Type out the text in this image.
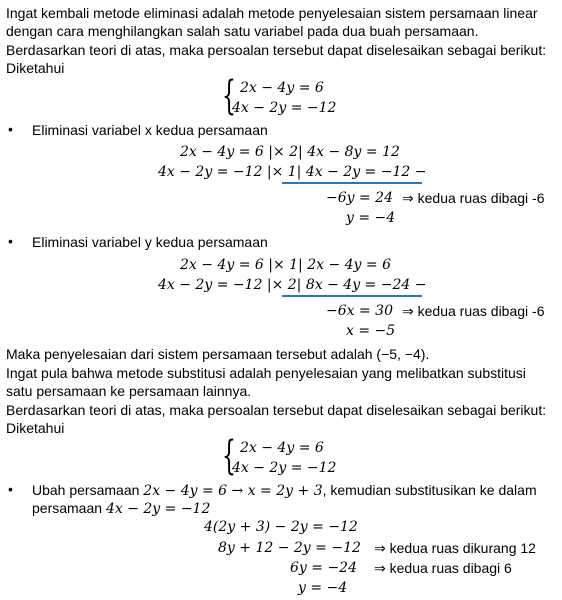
Ingat kembali metode eliminasi adalah metode penyelesaian sistem persamaan linear
dengan cara menghilangkan salah satu variabel pada dua buah persamaan.
Berdasarkan teori di atas, maka persoalan tersebut dapat diselesaikan sebagai berikut:
Diketahui
{ 2x − 4y = 6
4x − 2y = −12
• Eliminasi variabel x kedua persamaan
2x − 4y = 6 |× 2| 4x − 8y = 12
4x − 2y = −12 |× 1| 4x − 2y = −12 −
−6y = 24 ⇒ kedua ruas dibagi -6
y = −4
• Eliminasi variabel y kedua persamaan
2x − 4y = 6 |× 1| 2x − 4y = 6
4x − 2y = −12 |× 2| 8x − 4y = −24 −
−6x = 30 ⇒ kedua ruas dibagi -6
x = −5
Maka penyelesaian dari sistem persamaan tersebut adalah (−5, −4).
Ingat pula bahwa metode substitusi adalah penyelesaian yang melibatkan substitusi
satu persamaan ke persamaan lainnya.
Berdasarkan teori di atas, maka persoalan tersebut dapat diselesaikan sebagai berikut:
Diketahui
{ 2x − 4y = 6
4x − 2y = −12
• Ubah persamaan 2x − 4y = 6 → x = 2y + 3, kemudian substitusikan ke dalam
persamaan 4x − 2y = −12
4(2y + 3) − 2y = −12
8y + 12 − 2y = −12 ⇒ kedua ruas dikurang 12
6y = −24 ⇒ kedua ruas dibagi 6
y = −4
